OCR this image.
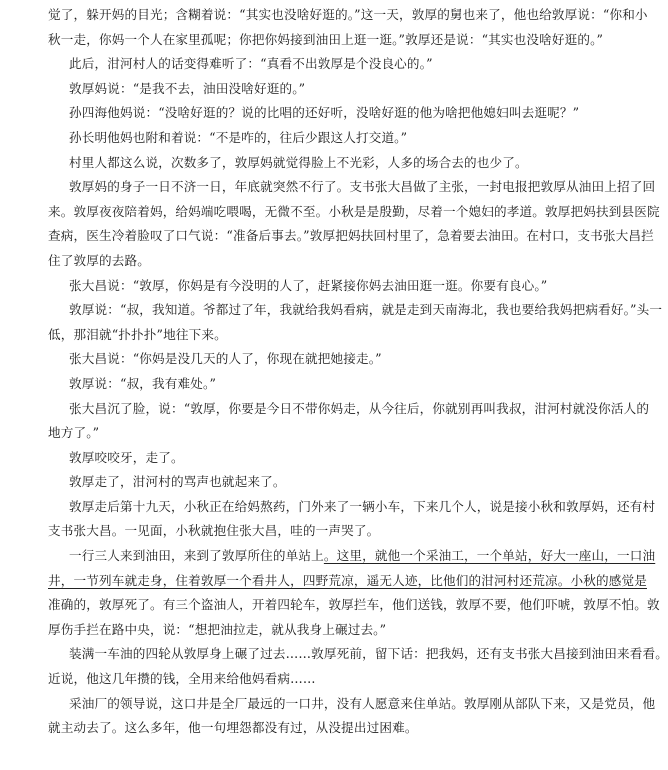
觉了，躲开妈的目光；含糊着说：“其实也没啥好逛的。”这一天，敦厚的舅也来了，他也给敦厚说：“你和小
秋一走，你妈一个人在家里孤呢；你把你妈接到油田上逛一逛。”敦厚还是说：“其实也没啥好逛的。”
此后，泔河村人的话变得难听了：“真看不出敦厚是个没良心的。”
敦厚妈说：“是我不去，油田没啥好逛的。”
孙四海他妈说：“没啥好逛的？说的比唱的还好听，没啥好逛的他为啥把他媳妇叫去逛呢？”
孙长明他妈也附和着说：“不是咋的，往后少跟这人打交道。”
村里人都这么说，次数多了，敦厚妈就觉得脸上不光彩，人多的场合去的也少了。
敦厚妈的身子一日不济一日，年底就突然不行了。支书张大昌做了主张，一封电报把敦厚从油田上招了回
来。敦厚夜夜陪着妈，给妈端吃喂喝，无微不至。小秋是是殷勤，尽着一个媳妇的孝道。敦厚把妈扶到县医院
查病，医生冷着脸叹了口气说：“准备后事去。”敦厚把妈扶回村里了，急着要去油田。在村口，支书张大昌拦
住了敦厚的去路。
张大昌说：“敦厚，你妈是有今没明的人了，赶紧接你妈去油田逛一逛。你要有良心。”
敦厚说：“叔，我知道。爷都过了年，我就给我妈看病，就是走到天南海北，我也要给我妈把病看好。”头一
低，那泪就“扑扑扑”地往下来。
张大昌说：“你妈是没几天的人了，你现在就把她接走。”
敦厚说：“叔，我有难处。”
张大昌沉了脸，说：“敦厚，你要是今日不带你妈走，从今往后，你就别再叫我叔，泔河村就没你活人的
地方了。”
敦厚咬咬牙，走了。
敦厚走了，泔河村的骂声也就起来了。
敦厚走后第十九天，小秋正在给妈熬药，门外来了一辆小车，下来几个人，说是接小秋和敦厚妈，还有村
支书张大昌。一见面，小秋就抱住张大昌，哇的一声哭了。
一行三人来到油田，来到了敦厚所住的单站上。这里，就他一个采油工，一个单站，好大一座山，一口油
井，一节列车就走身，住着敦厚一个看井人，四野荒凉，遥无人迹，比他们的泔河村还荒凉。小秋的感觉是
准确的，敦厚死了。有三个盗油人，开着四轮车，敦厚拦车，他们送钱，敦厚不要，他们吓唬，敦厚不怕。敦
厚伤手拦在路中央，说：“想把油拉走，就从我身上碾过去。”
装满一车油的四轮从敦厚身上碾了过去……敦厚死前，留下话：把我妈，还有支书张大昌接到油田来看看。
近说，他这几年攒的钱，全用来给他妈看病……
采油厂的领导说，这口井是全厂最远的一口井，没有人愿意来住单站。敦厚刚从部队下来，又是党员，他
就主动去了。这么多年，他一句埋怨都没有过，从没提出过困难。
